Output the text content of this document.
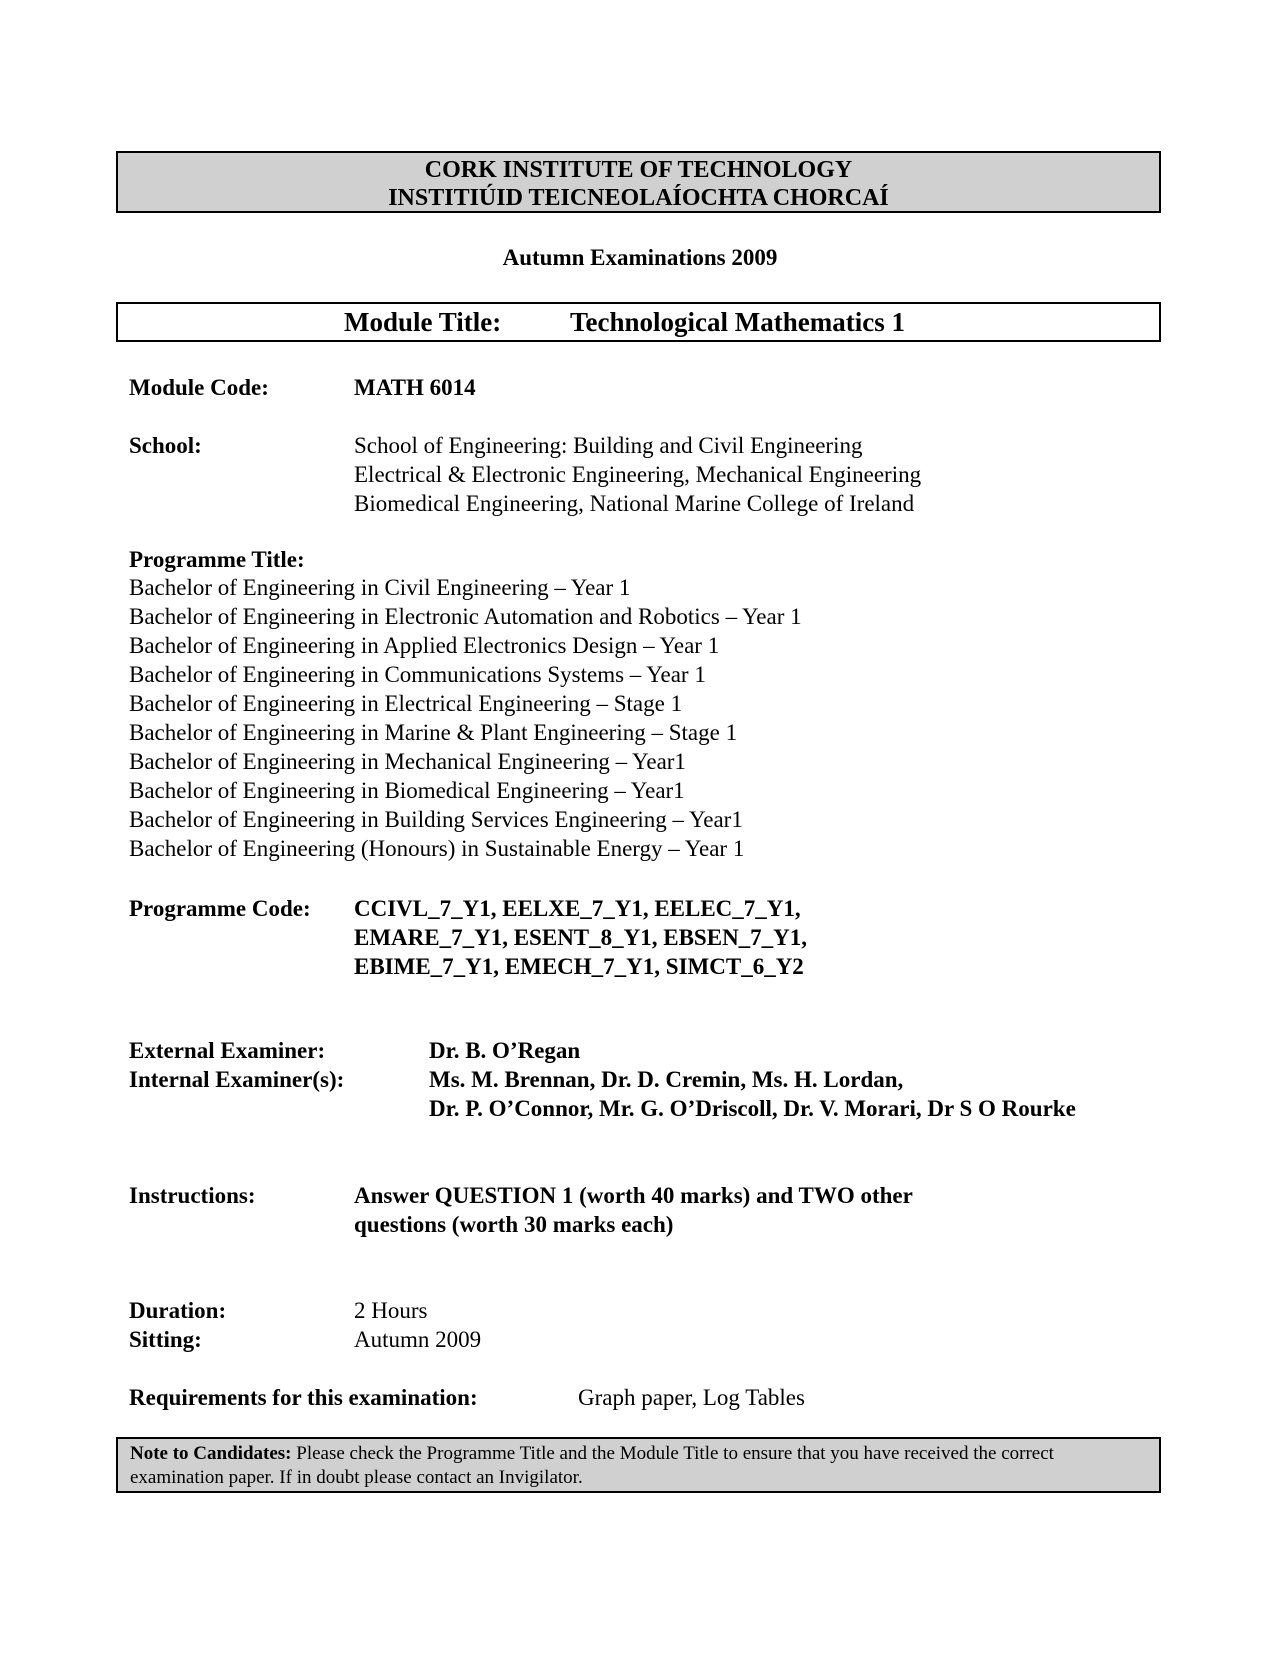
CORK INSTITUTE OF TECHNOLOGY
INSTITIÚID TEICNEOLAÍOCHTA CHORCAÍ
Autumn Examinations 2009
Module Title:	Technological Mathematics 1
Module Code:	MATH 6014
School:	School of Engineering: Building and Civil Engineering
Electrical & Electronic Engineering, Mechanical Engineering
Biomedical Engineering, National Marine College of Ireland
Programme Title:
Bachelor of Engineering in Civil Engineering – Year 1
Bachelor of Engineering in Electronic Automation and Robotics – Year 1
Bachelor of Engineering in Applied Electronics Design – Year 1
Bachelor of Engineering in Communications Systems – Year 1
Bachelor of Engineering in Electrical Engineering – Stage 1
Bachelor of Engineering in Marine & Plant Engineering – Stage 1
Bachelor of Engineering in Mechanical Engineering – Year1
Bachelor of Engineering in Biomedical Engineering – Year1
Bachelor of Engineering in Building Services Engineering – Year1
Bachelor of Engineering (Honours) in Sustainable Energy – Year 1
Programme Code: CCIVL_7_Y1, EELXE_7_Y1, EELEC_7_Y1,
EMARE_7_Y1, ESENT_8_Y1, EBSEN_7_Y1,
EBIME_7_Y1, EMECH_7_Y1, SIMCT_6_Y2
External Examiner:	Dr. B. O’Regan
Internal Examiner(s):	Ms. M. Brennan, Dr. D. Cremin, Ms. H. Lordan,
Dr. P. O’Connor, Mr. G. O’Driscoll, Dr. V. Morari, Dr S O Rourke
Instructions:	Answer QUESTION 1 (worth 40 marks) and TWO other
questions (worth 30 marks each)
Duration:	2 Hours
Sitting:	Autumn 2009
Requirements for this examination:	Graph paper, Log Tables
Note to Candidates: Please check the Programme Title and the Module Title to ensure that you have received the correct examination paper. If in doubt please contact an Invigilator.
